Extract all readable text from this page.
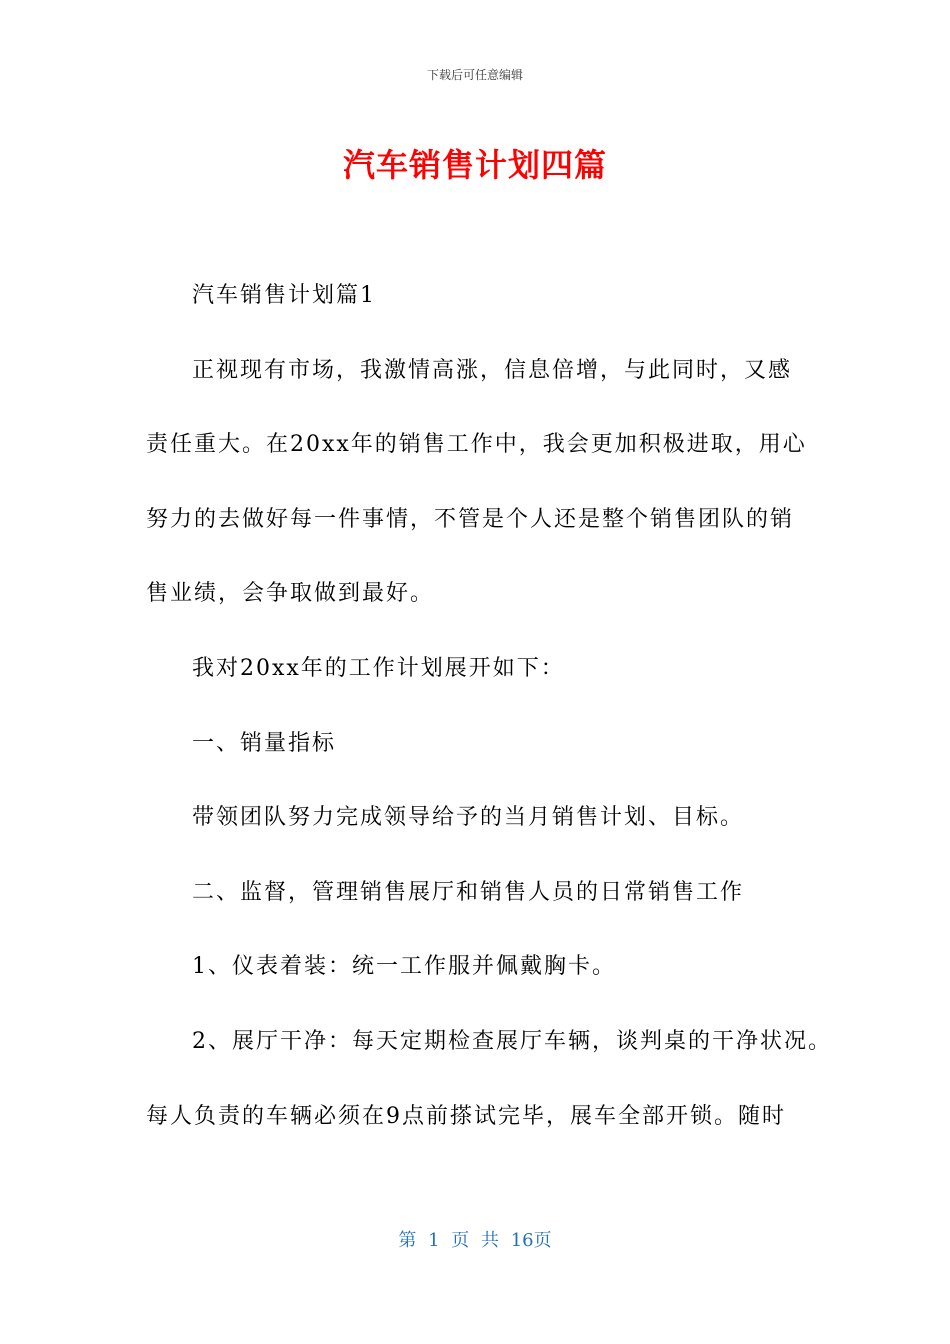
下载后可任意编辑
汽车销售计划四篇
汽车销售计划篇1
正视现有市场，我激情高涨，信息倍增，与此同时，又感
责任重大。在20xx年的销售工作中，我会更加积极进取，用心
努力的去做好每一件事情，不管是个人还是整个销售团队的销
售业绩，会争取做到最好。
我对20xx年的工作计划展开如下：
一、销量指标
带领团队努力完成领导给予的当月销售计划、目标。
二、监督，管理销售展厅和销售人员的日常销售工作
1、仪表着装：统一工作服并佩戴胸卡。
2、展厅干净：每天定期检查展厅车辆，谈判桌的干净状况。
每人负责的车辆必须在9点前搽试完毕，展车全部开锁。随时
第 1 页 共 16页
